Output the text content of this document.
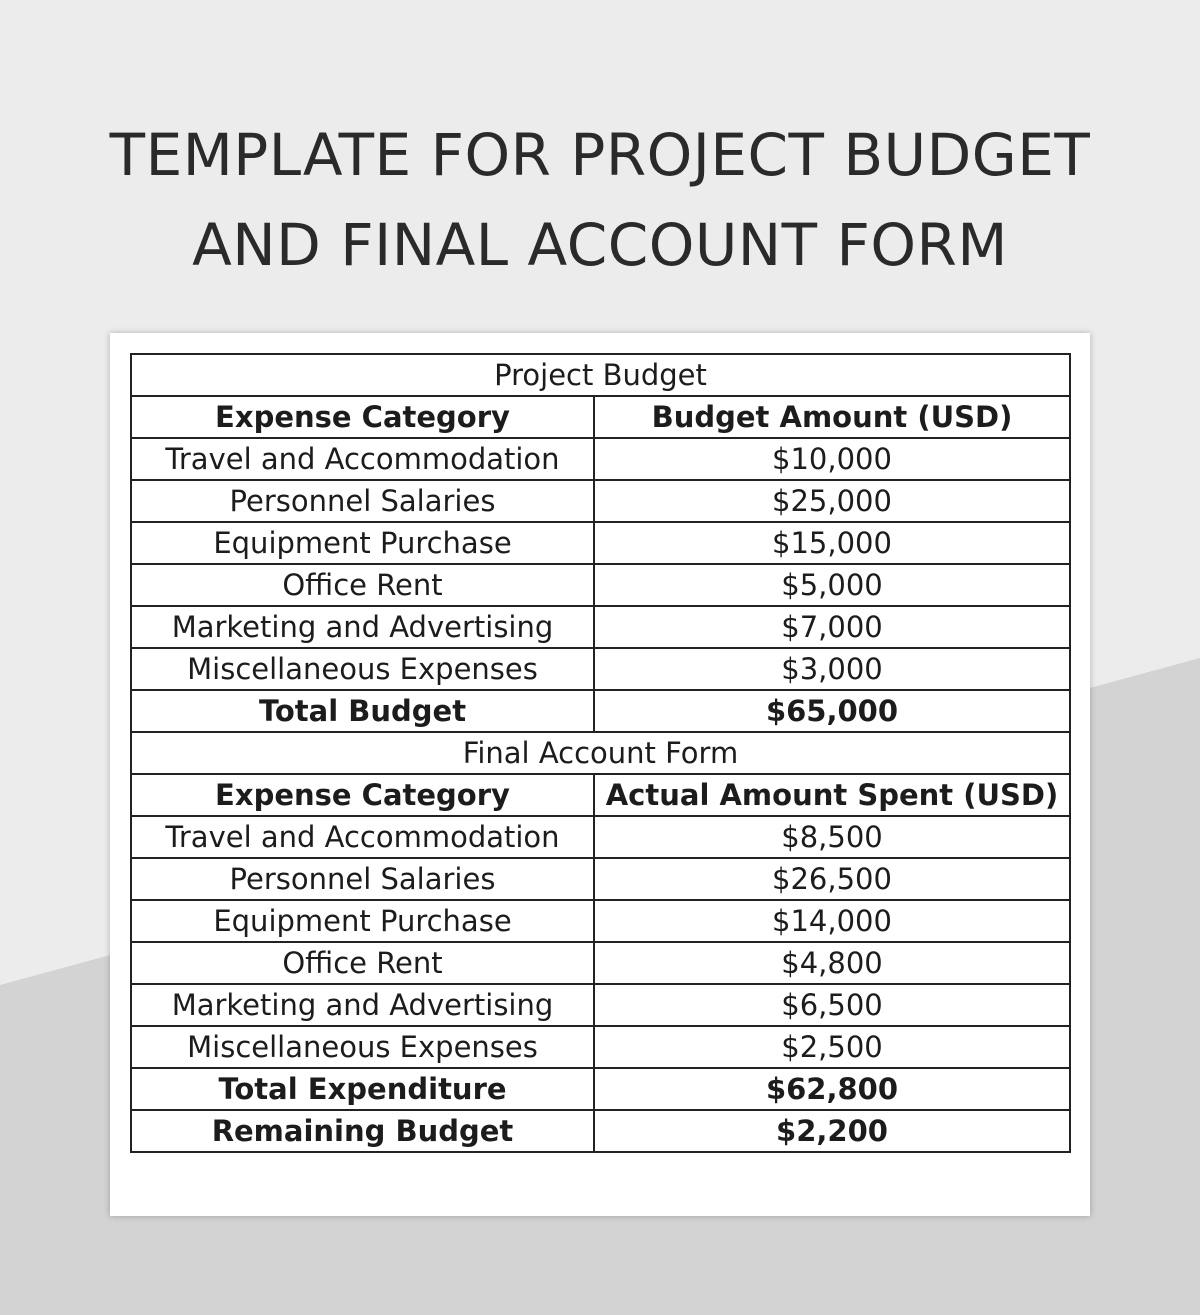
TEMPLATE FOR PROJECT BUDGET
AND FINAL ACCOUNT FORM
Project Budget	
Expense Category	Budget Amount (USD)
Travel and Accommodation	$10,000
Personnel Salaries	$25,000
Equipment Purchase	$15,000
Office Rent	$5,000
Marketing and Advertising	$7,000
Miscellaneous Expenses	$3,000
Total Budget	$65,000
Final Account Form	
Expense Category	Actual Amount Spent (USD)
Travel and Accommodation	$8,500
Personnel Salaries	$26,500
Equipment Purchase	$14,000
Office Rent	$4,800
Marketing and Advertising	$6,500
Miscellaneous Expenses	$2,500
Total Expenditure	$62,800
Remaining Budget	$2,200
